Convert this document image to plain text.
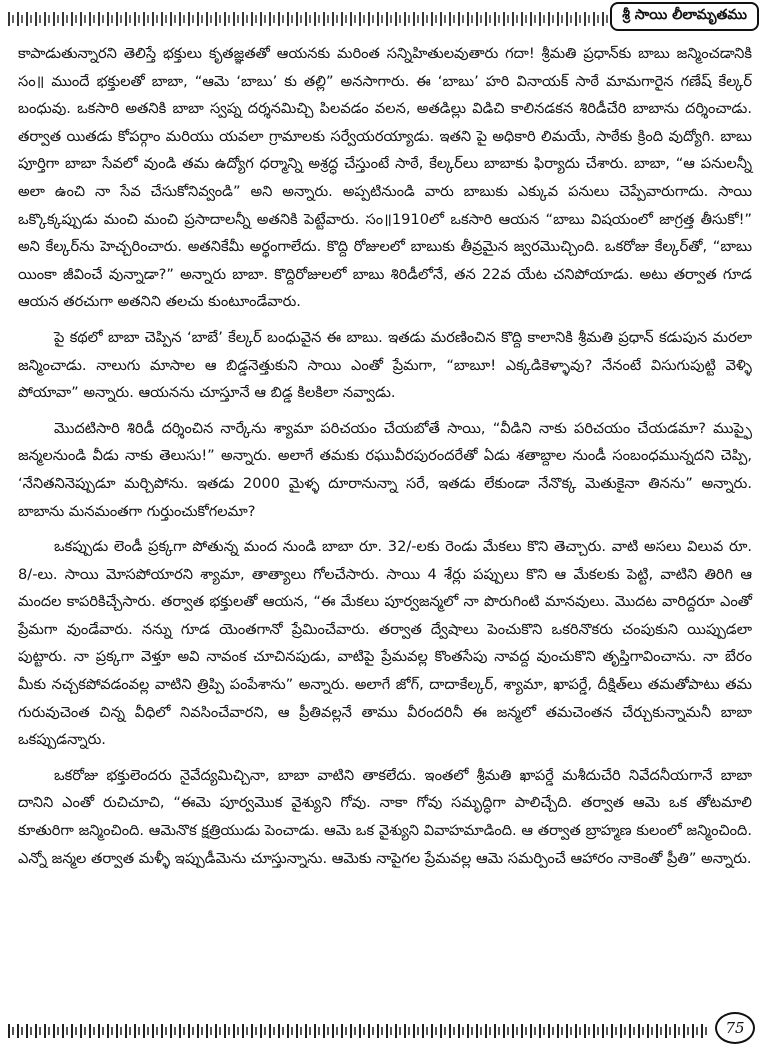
శ్రీ సాయి లీలామృతము

కాపాడుతున్నారని తెలిస్తే భక్తులు కృతజ్ఞతతో ఆయనకు మరింత సన్నిహితులవుతారు గదా! శ్రీమతి ప్రధాన్‌కు బాబు జన్మించడానికి సం॥ ముందే భక్తులతో బాబా, “ఆమె ‘బాబు’ కు తల్లి” అనసాగారు. ఈ ‘బాబు’ హరి వినాయక్ సాఠే మామగారైన గణేష్ కేల్కర్ బంధువు. ఒకసారి అతనికి బాబా స్వప్న దర్శనమిచ్చి పిలవడం వలన, అతడిల్లు విడిచి కాలినడకన శిరిడీచేరి బాబాను దర్శించాడు. తర్వాత యితడు కోపర్గాం మరియు యవలా గ్రామాలకు సర్వేయరయ్యాడు. ఇతని పై అధికారి లిమయే, సాఠేకు క్రింది వుద్యోగి. బాబు పూర్తిగా బాబా సేవలో వుండి తమ ఉద్యోగ ధర్మాన్ని అశ్రద్ధ చేస్తుంటే సాఠే, కేల్కర్‌లు బాబాకు ఫిర్యాదు చేశారు. బాబా, “ఆ పనులన్నీ అలా ఉంచి నా సేవ చేసుకోనివ్వండి” అని అన్నారు. అప్పటినుండి వారు బాబుకు ఎక్కువ పనులు చెప్పేవారుగాదు. సాయి ఒక్కొక్కప్పుడు మంచి మంచి ప్రసాదాలన్నీ అతనికి పెట్టేవారు. సం॥1910లో ఒకసారి ఆయన “బాబు విషయంలో జాగ్రత్త తీసుకో!” అని కేల్కర్‌ను హెచ్చరించారు. అతనికేమీ అర్థంగాలేదు. కొద్ది రోజులలో బాబుకు తీవ్రమైన జ్వరమొచ్చింది. ఒకరోజు కేల్కర్‌తో, “బాబు యింకా జీవించే వున్నాడా?” అన్నారు బాబా. కొద్దిరోజులలో బాబు శిరిడీలోనే, తన 22వ యేట చనిపోయాడు. అటు తర్వాత గూడ ఆయన తరచుగా అతనిని తలచు కుంటూండేవారు.

పై కథలో బాబా చెప్పిన ‘బాబే’ కేల్కర్ బంధువైన ఈ బాబు. ఇతడు మరణించిన కొద్ది కాలానికి శ్రీమతి ప్రధాన్ కడుపున మరలా జన్మించాడు. నాలుగు మాసాల ఆ బిడ్డనెత్తుకుని సాయి ఎంతో ప్రేమగా, “బాబూ! ఎక్కడికెళ్ళావు? నేనంటే విసుగుపుట్టి వెళ్ళి పోయావా” అన్నారు. ఆయనను చూస్తూనే ఆ బిడ్డ కిలకిలా నవ్వాడు.

మొదటిసారి శిరిడీ దర్శించిన నార్కేను శ్యామా పరిచయం చేయబోతే సాయి, “వీడిని నాకు పరిచయం చేయడమా? ముప్ఫై జన్మలనుండి వీడు నాకు తెలుసు!” అన్నారు. అలాగే తమకు రఘువీరపురందరేతో ఏడు శతాబ్దాల నుండీ సంబంధమున్నదని చెప్పి, ‘నేనితనినెప్పుడూ మర్చిపోను. ఇతడు 2000 మైళ్ళ దూరానున్నా సరే, ఇతడు లేకుండా నేనొక్క మెతుకైనా తినను” అన్నారు. బాబాను మనమంతగా గుర్తుంచుకోగలమా?

ఒకప్పుడు లెండీ ప్రక్కగా పోతున్న మంద నుండి బాబా రూ. 32/-లకు రెండు మేకలు కొని తెచ్చారు. వాటి అసలు విలువ రూ. 8/-లు. సాయి మోసపోయారని శ్యామా, తాత్యాలు గోలచేసారు. సాయి 4 శేర్లు పప్పులు కొని ఆ మేకలకు పెట్టి, వాటిని తిరిగి ఆ మందల కాపరికిచ్చేసారు. తర్వాత భక్తులతో ఆయన, “ఈ మేకలు పూర్వజన్మలో నా పొరుగింటి మానవులు. మొదట వారిద్దరూ ఎంతో ప్రేమగా వుండేవారు. నన్ను గూడ యెంతగానో ప్రేమించేవారు. తర్వాత ద్వేషాలు పెంచుకొని ఒకరినొకరు చంపుకుని యిప్పుడలా పుట్టారు. నా ప్రక్కగా వెళ్తూ అవి నావంక చూచినపుడు, వాటిపై ప్రేమవల్ల కొంతసేపు నావద్ద వుంచుకొని తృప్తిగావించాను. నా బేరం మీకు నచ్చకపోవడంవల్ల వాటిని త్రిప్పి పంపేశాను” అన్నారు. అలాగే జోగ్, దాదాకేల్కర్, శ్యామా, ఖాపర్డే, దీక్షిత్‌లు తమతోపాటు తమ గురువుచెంత చిన్న వీధిలో నివసించేవారని, ఆ ప్రీతివల్లనే తాము వీరందరినీ ఈ జన్మలో తమచెంతన చేర్చుకున్నామనీ బాబా ఒకప్పుడన్నారు.

ఒకరోజు భక్తులెందరు నైవేద్యమిచ్చినా, బాబా వాటిని తాకలేదు. ఇంతలో శ్రీమతి ఖాపర్డే మశీదుచేరి నివేదనీయగానే బాబా దానిని ఎంతో రుచిచూచి, “ఈమె పూర్వమొక వైశ్యుని గోవు. నాకా గోవు సమృద్ధిగా పాలిచ్చేది. తర్వాత ఆమె ఒక తోటమాలి కూతురిగా జన్మించింది. ఆమెనొక క్షత్రియుడు పెంచాడు. ఆమె ఒక వైశ్యుని వివాహమాడింది. ఆ తర్వాత బ్రాహ్మణ కులంలో జన్మించింది. ఎన్నో జన్మల తర్వాత మళ్ళీ ఇప్పుడీమెను చూస్తున్నాను. ఆమెకు నాపైగల ప్రేమవల్ల ఆమె సమర్పించే ఆహారం నాకెంతో ప్రీతి” అన్నారు.

75
